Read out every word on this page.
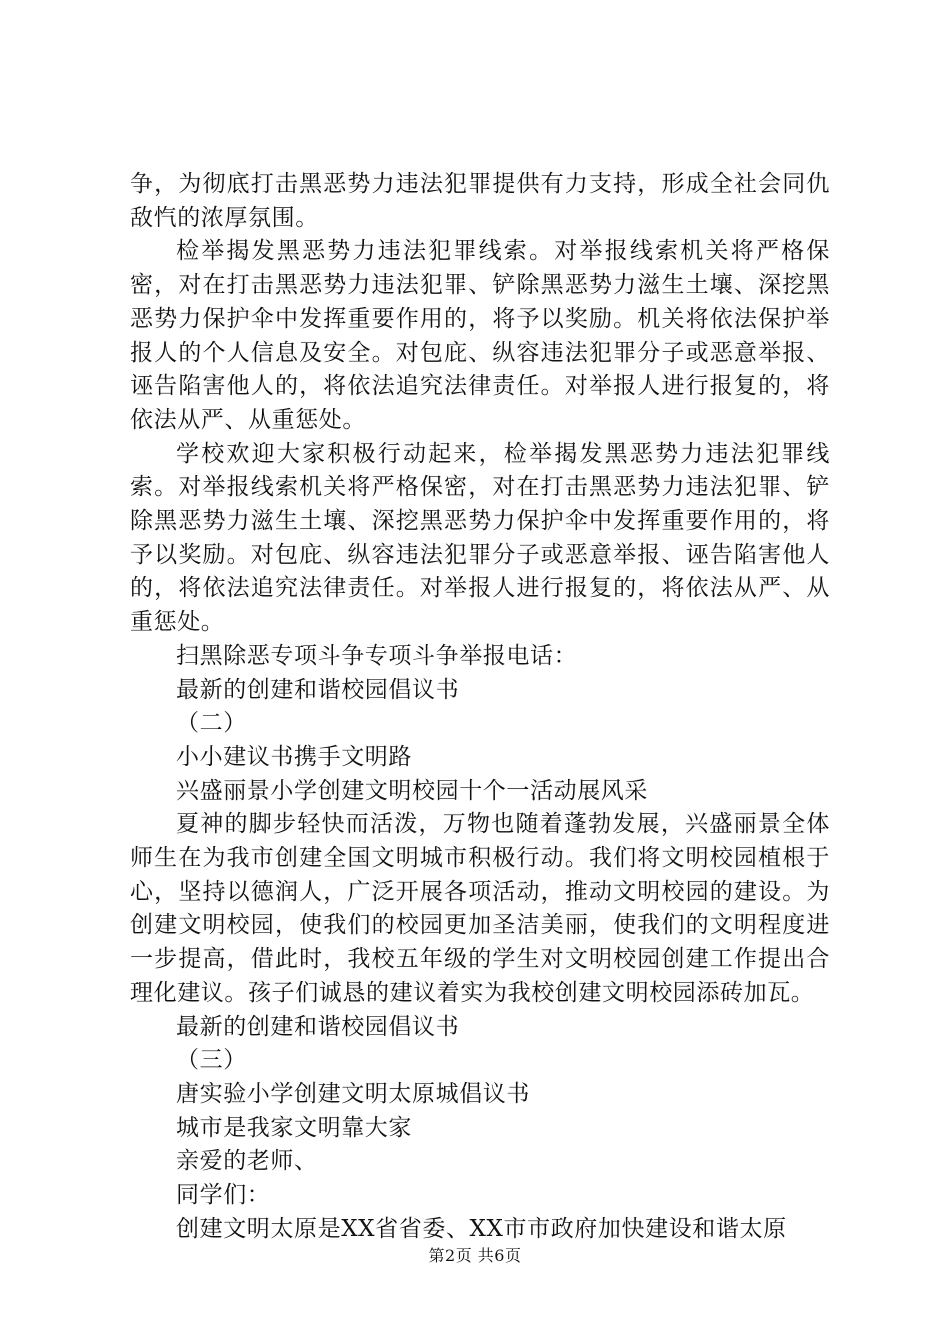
争，为彻底打击黑恶势力违法犯罪提供有力支持，形成全社会同仇敌忾的浓厚氛围。

检举揭发黑恶势力违法犯罪线索。对举报线索机关将严格保密，对在打击黑恶势力违法犯罪、铲除黑恶势力滋生土壤、深挖黑恶势力保护伞中发挥重要作用的，将予以奖励。机关将依法保护举报人的个人信息及安全。对包庇、纵容违法犯罪分子或恶意举报、诬告陷害他人的，将依法追究法律责任。对举报人进行报复的，将依法从严、从重惩处。

学校欢迎大家积极行动起来，检举揭发黑恶势力违法犯罪线索。对举报线索机关将严格保密，对在打击黑恶势力违法犯罪、铲除黑恶势力滋生土壤、深挖黑恶势力保护伞中发挥重要作用的，将予以奖励。对包庇、纵容违法犯罪分子或恶意举报、诬告陷害他人的，将依法追究法律责任。对举报人进行报复的，将依法从严、从重惩处。

扫黑除恶专项斗争专项斗争举报电话：

最新的创建和谐校园倡议书

（二）

小小建议书携手文明路

兴盛丽景小学创建文明校园十个一活动展风采

夏神的脚步轻快而活泼，万物也随着蓬勃发展，兴盛丽景全体师生在为我市创建全国文明城市积极行动。我们将文明校园植根于心，坚持以德润人，广泛开展各项活动，推动文明校园的建设。为创建文明校园，使我们的校园更加圣洁美丽，使我们的文明程度进一步提高，借此时，我校五年级的学生对文明校园创建工作提出合理化建议。孩子们诚恳的建议着实为我校创建文明校园添砖加瓦。

最新的创建和谐校园倡议书

（三）

唐实验小学创建文明太原城倡议书

城市是我家文明靠大家

亲爱的老师、

同学们：

创建文明太原是XX省省委、XX市市政府加快建设和谐太原

第2页 共6页
